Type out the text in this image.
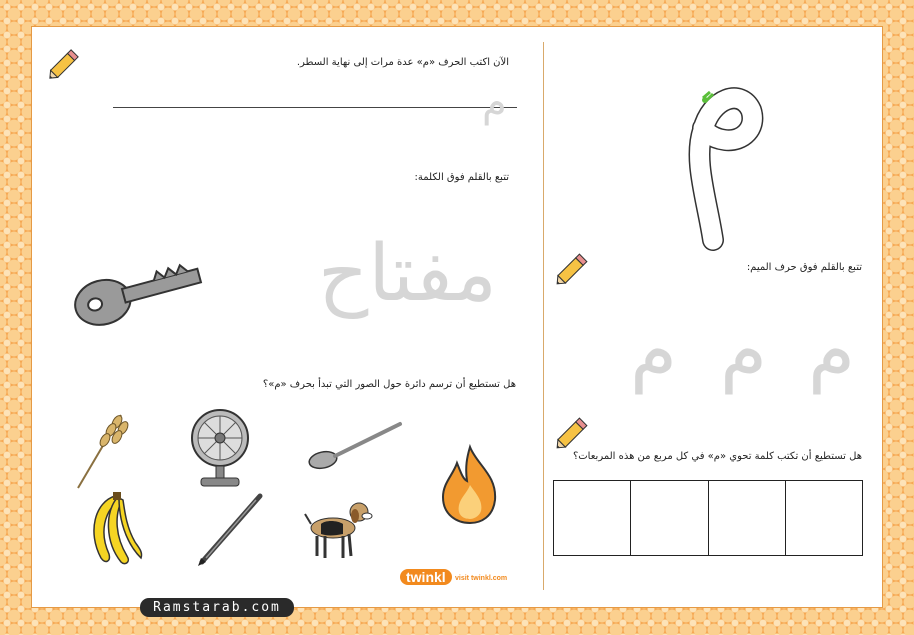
الآن اكتب الحرف «م» عدة مرات إلى نهاية السطر.
م
تتبع بالقلم فوق الكلمة:
مفتاح
هل تستطيع أن ترسم دائرة حول الصور التي تبدأ بحرف «م»؟
تتبع بالقلم فوق حرف الميم:
م
م
م
هل تستطيع أن تكتب كلمة تحوي «م» في كل مربع من هذه المربعات؟
twinkl	visit twinkl.com
Ramstarab.com
